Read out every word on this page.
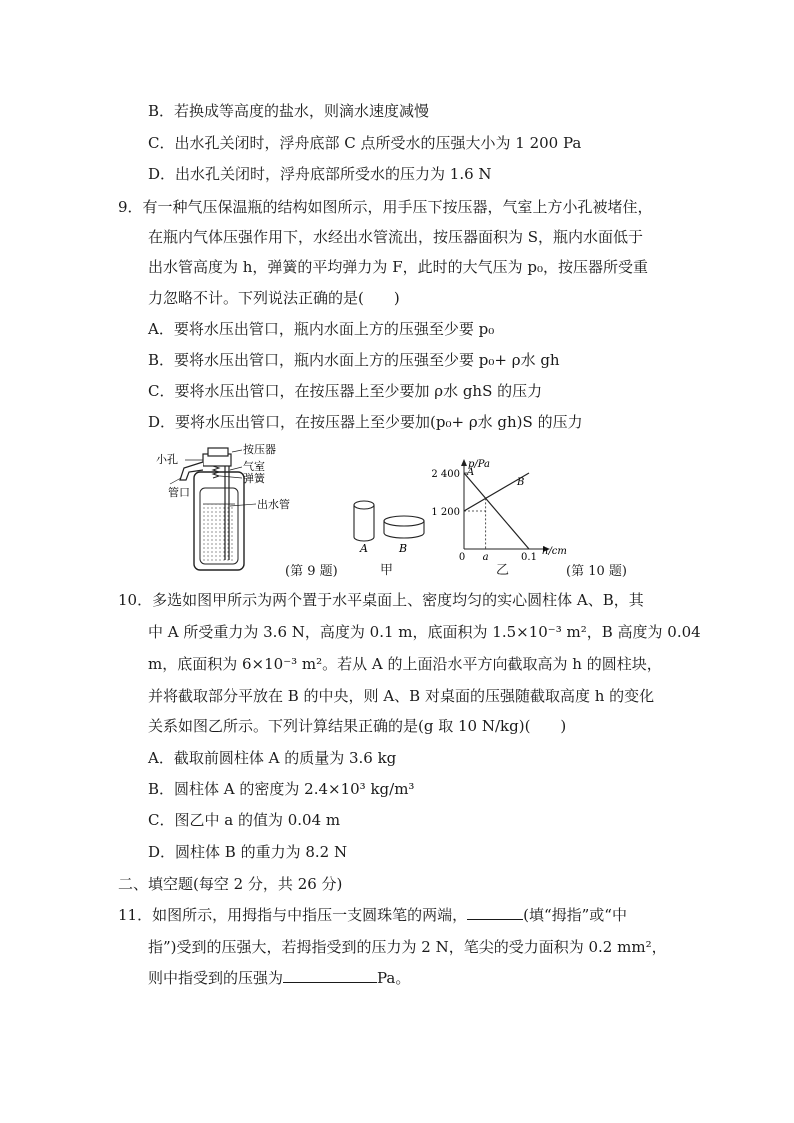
B．若换成等高度的盐水，则滴水速度减慢
C．出水孔关闭时，浮舟底部 C 点所受水的压强大小为 1 200 Pa
D．出水孔关闭时，浮舟底部所受水的压力为 1.6 N
9．有一种气压保温瓶的结构如图所示，用手压下按压器，气室上方小孔被堵住，
在瓶内气体压强作用下，水经出水管流出，按压器面积为 S，瓶内水面低于
出水管高度为 h，弹簧的平均弹力为 F，此时的大气压为 p₀，按压器所受重
力忽略不计。下列说法正确的是(　　)
A．要将水压出管口，瓶内水面上方的压强至少要 p₀
B．要将水压出管口，瓶内水面上方的压强至少要 p₀+ ρ水 gh
C．要将水压出管口，在按压器上至少要加 ρ水 ghS 的压力
D．要将水压出管口，在按压器上至少要加(p₀+ ρ水 gh)S 的压力
按压器
小孔
气室
弹簧
管口
出水管
(第 9 题)
A	B
甲
p/Pa
h/cm
2 400
1 200
0 a	0.1
A
B
乙	(第 10 题)
10．多选如图甲所示为两个置于水平桌面上、密度均匀的实心圆柱体 A、B，其
中 A 所受重力为 3.6 N，高度为 0.1 m，底面积为 1.5×10⁻³ m²，B 高度为 0.04
m，底面积为 6×10⁻³ m²。若从 A 的上面沿水平方向截取高为 h 的圆柱块，
并将截取部分平放在 B 的中央，则 A、B 对桌面的压强随截取高度 h 的变化
关系如图乙所示。下列计算结果正确的是(g 取 10 N/kg)(　　)
A．截取前圆柱体 A 的质量为 3.6 kg
B．圆柱体 A 的密度为 2.4×10³ kg/m³
C．图乙中 a 的值为 0.04 m
D．圆柱体 B 的重力为 8.2 N
二、填空题(每空 2 分，共 26 分)
11．如图所示，用拇指与中指压一支圆珠笔的两端，	(填“拇指”或“中
指”)受到的压强大，若拇指受到的压力为 2 N，笔尖的受力面积为 0.2 mm²，
则中指受到的压强为	Pa。
